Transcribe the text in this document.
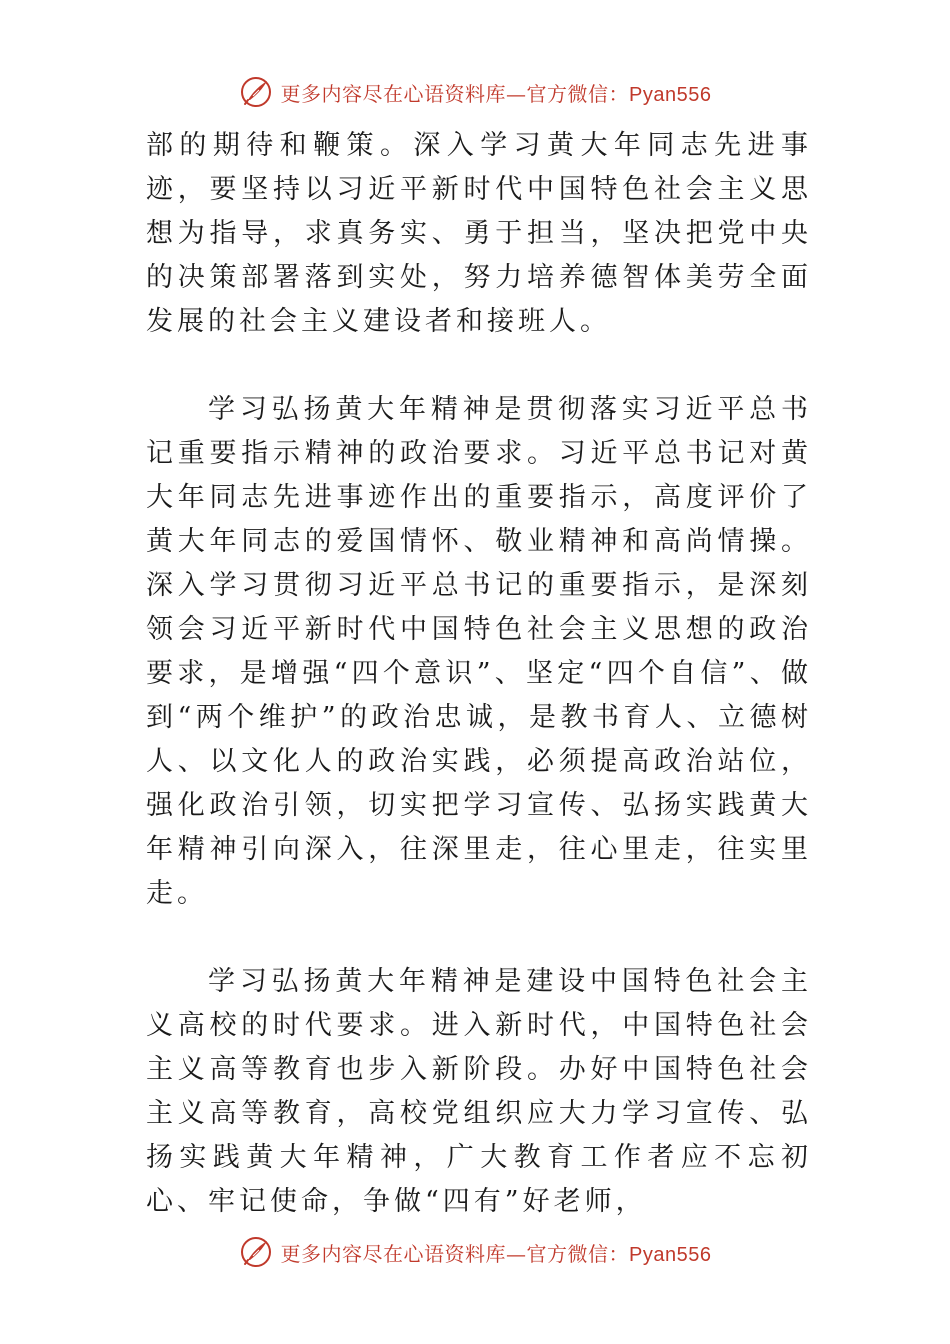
更多内容尽在心语资料库—官方微信：Pyan556

部的期待和鞭策。深入学习黄大年同志先进事迹，要坚持以习近平新时代中国特色社会主义思想为指导，求真务实、勇于担当，坚决把党中央的决策部署落到实处，努力培养德智体美劳全面发展的社会主义建设者和接班人。

学习弘扬黄大年精神是贯彻落实习近平总书记重要指示精神的政治要求。习近平总书记对黄大年同志先进事迹作出的重要指示，高度评价了黄大年同志的爱国情怀、敬业精神和高尚情操。深入学习贯彻习近平总书记的重要指示，是深刻领会习近平新时代中国特色社会主义思想的政治要求，是增强“四个意识”、坚定“四个自信”、做到“两个维护”的政治忠诚，是教书育人、立德树人、以文化人的政治实践，必须提高政治站位，强化政治引领，切实把学习宣传、弘扬实践黄大年精神引向深入，往深里走，往心里走，往实里走。

学习弘扬黄大年精神是建设中国特色社会主义高校的时代要求。进入新时代，中国特色社会主义高等教育也步入新阶段。办好中国特色社会主义高等教育，高校党组织应大力学习宣传、弘扬实践黄大年精神，广大教育工作者应不忘初心、牢记使命，争做“四有”好老师，

更多内容尽在心语资料库—官方微信：Pyan556
